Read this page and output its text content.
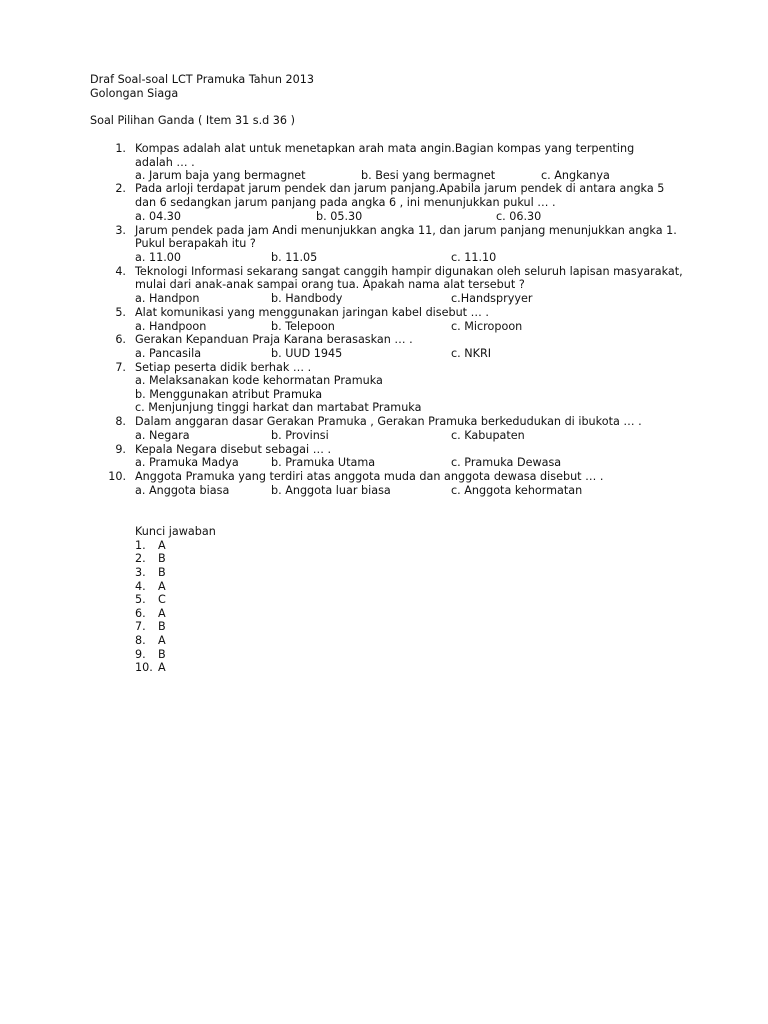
Draf Soal-soal LCT Pramuka Tahun 2013
Golongan Siaga
Soal Pilihan Ganda ( Item 31 s.d 36 )
1. Kompas adalah alat untuk menetapkan arah mata angin.Bagian kompas yang terpenting
adalah … .
a. Jarum baja yang bermagnet	b. Besi yang bermagnet	c. Angkanya
2. Pada arloji terdapat jarum pendek dan jarum panjang.Apabila jarum pendek di antara angka 5
dan 6 sedangkan jarum panjang pada angka 6 , ini menunjukkan pukul … .
a. 04.30	b. 05.30	c. 06.30
3. Jarum pendek pada jam Andi menunjukkan angka 11, dan jarum panjang menunjukkan angka 1.
Pukul berapakah itu ?
a. 11.00	b. 11.05	c. 11.10
4. Teknologi Informasi sekarang sangat canggih hampir digunakan oleh seluruh lapisan masyarakat,
mulai dari anak-anak sampai orang tua. Apakah nama alat tersebut ?
a. Handpon	b. Handbody	c.Handspryyer
5. Alat komunikasi yang menggunakan jaringan kabel disebut … .
a. Handpoon	b. Telepoon	c. Micropoon
6. Gerakan Kepanduan Praja Karana berasaskan … .
a. Pancasila	b. UUD 1945	c. NKRI
7. Setiap peserta didik berhak … .
a. Melaksanakan kode kehormatan Pramuka
b. Menggunakan atribut Pramuka
c. Menjunjung tinggi harkat dan martabat Pramuka
8. Dalam anggaran dasar Gerakan Pramuka , Gerakan Pramuka berkedudukan di ibukota … .
a. Negara	b. Provinsi	c. Kabupaten
9. Kepala Negara disebut sebagai … .
a. Pramuka Madya	b. Pramuka Utama	c. Pramuka Dewasa
10. Anggota Pramuka yang terdiri atas anggota muda dan anggota dewasa disebut … .
a. Anggota biasa	b. Anggota luar biasa	c. Anggota kehormatan
Kunci jawaban
1. A
2. B
3. B
4. A
5. C
6. A
7. B
8. A
9. B
10. A
